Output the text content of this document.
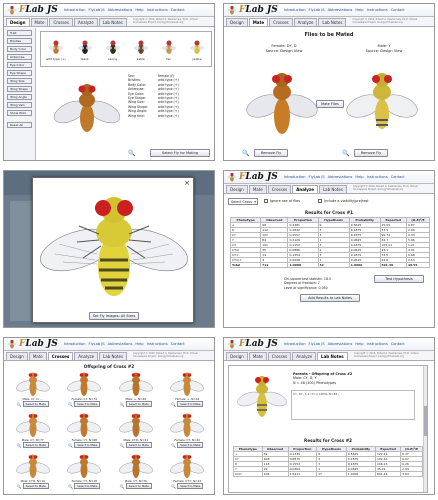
FLab JS Introduction FlyLab JS Abbreviations Help Instructions Contact
Design	Mate	Crosses	Analyze	Lab Notes
Copyright © 2016, Robert A. Desharnais, Ph.D. Virtual Courseware Project, biologyVirtualLab.org
Trait
Bristles
Body Color
Antennae
Eye Color
Eye Shape
Wing Size
Wing Shape
Wing Angle
Wing Vein
Show Wild
Reset All
wild type (+)	black	ebony	sable	tan	yellow
Sex:	female (F)
Bristles:	wild type (+)
Body Color:	wild type (+)
Antennae:	wild type (+)
Eye Color:	wild type (+)
Eye Shape:	wild type (+)
Wing Size:	wild type (+)
Wing Shape:	wild type (+)
Wing Angle:	wild type (+)
Wing Vein:	wild type (+)
🔍	Select Fly for Mating
FLab JS Introduction FlyLab JS Abbreviations Help Instructions Contact
Design	Mate	Crosses	Analyze	Lab Notes
Copyright © 2016, Robert A. Desharnais, Ph.D. Virtual Courseware Project, biologyVirtualLab.org
Flies to be Mated
Female: DY, D
Source: Design View
Male: Y
Source: Design View
Mate Flies
🔍	Remove Fly	🔍	Remove Fly
×
Set Fly Images: All Sizes
FLab JS Introduction FlyLab JS Abbreviations Help Instructions Contact
Design	Mate	Crosses	Analyze	Lab Notes
Copyright © 2016, Robert A. Desharnais, Ph.D. Virtual Courseware Project, biologyVirtualLab.org
Select Cross ▾	Ignore sex of flies	Include a viability(pre)test
Results for Cross #1
Phenotype	Observed	Proportion	Hypothesis	Probability	Expected	(O-E)²/E
+	98	0.2481	9	0.5625	15.09	0.87
D	112	0.2842	3	0.1875	73.5	2.04
CY	101	0.2557	3	0.1875	99.74	0.33
Y	84	0.2126	1	0.0625	24.7	5.96
CT	101	0.1152	3	0.1875	105.11	1.21
CT.D	35	0.0886	2	0.0625	24.1	4.91
CT.Y	14	0.1354	3	0.1875	72.5	0.68
CT.D.Y	4	0.0098	1	0.0625	24.6	0.13
Total	711	1.0000	32	1.0000	591.49	18.55
Chi-square test statistic: 18.5
Degrees of freedom: 7
Level of significance: 0.050
Test Hypothesis
Add Results to Lab Notes
FLab JS Introduction FlyLab JS Abbreviations Help Instructions Contact
Design	Mate	Crosses	Analyze	Lab Notes
Copyright © 2016, Robert A. Desharnais, Ph.D. Virtual Courseware Project, biologyVirtualLab.org
Offspring of Cross #2
Male: CY, D, ...
🔍	Select to Mate
Female: CT, N=74
🔍	Select to Mate
Male: +, N=20
🔍	Select to Mate
Female: +, N=44
🔍	Select to Mate
Male: CY, N=77
🔍	Select to Mate
Female: CY, N=68
🔍	Select to Mate
Male: CT.D, N=21
🔍	Select to Mate
Female: CT, N=24
🔍	Select to Mate
Male: CY.D, N=19
🔍	Select to Mate
Female: CY, N=18
🔍	Select to Mate
Male: CT, N=30
🔍	Select to Mate
Female: CT.Y, N=44
🔍	Select to Mate
FLab JS Introduction FlyLab JS Abbreviations Help Instructions Contact
Design	Mate	Crosses	Analyze	Lab Notes
Copyright © 2016, Robert A. Desharnais, Ph.D. Virtual Courseware Project, biologyVirtualLab.org
Parents - Offspring of Cross #2
Male: CY, D, Y
N = 48 (100) Phenotypes
CY, DY, 1,1 (T=2 CDMA N=48)
Results for Cross #2
Phenotype	Observed	Proportion	Hypothesis	Probability	Expected	(O-E)²/E
+	59	0.1339	9	0.5625	122.11	0.37
CY	408	0.6875	3	0.1875	102.44	0.07
D	116	0.1553	3	0.1875	106.15	0.26
Y	29	0.0464	1	0.0625	45.41	2.94
CY.D	106	1.5411	17	1.0000	601.44	3.64
